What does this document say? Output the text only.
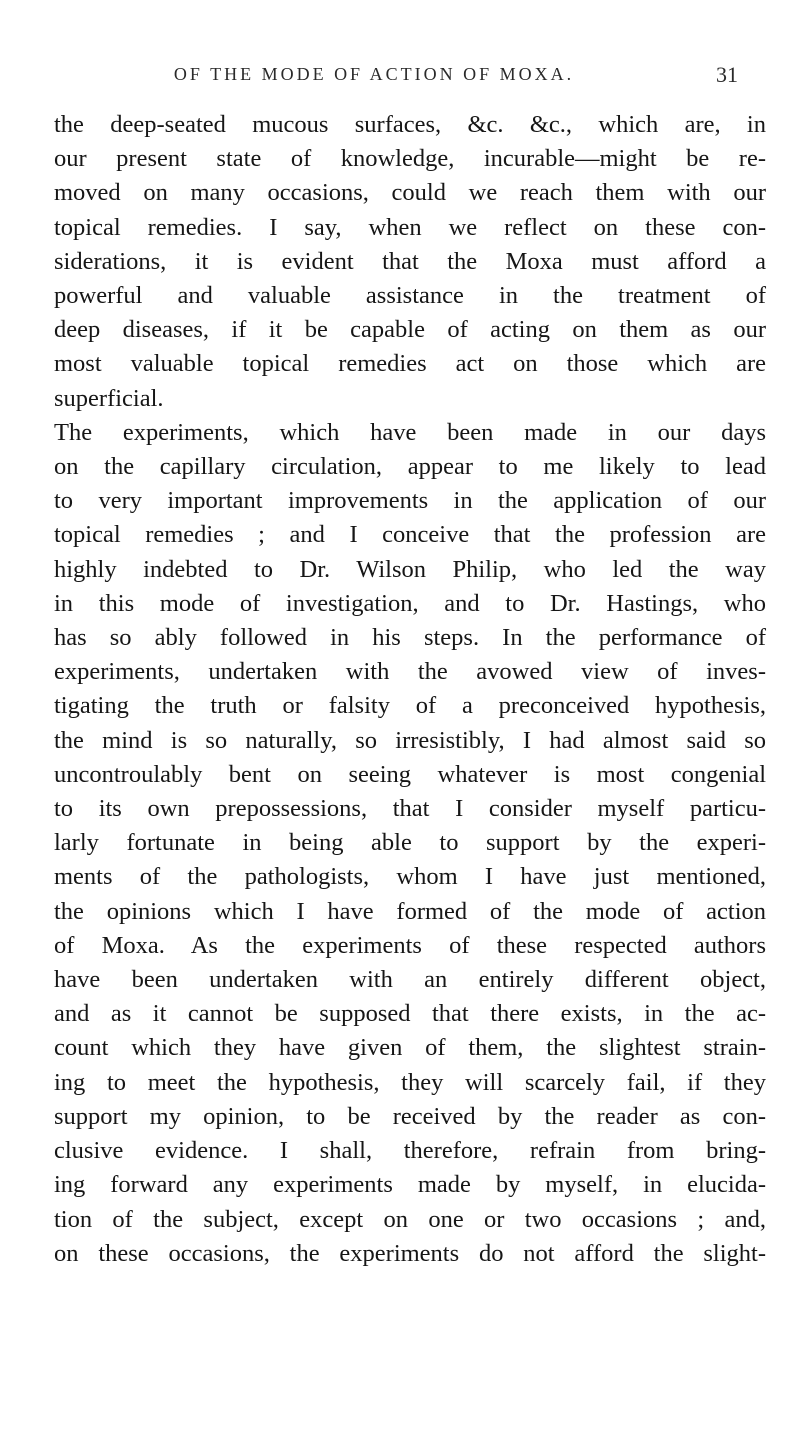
OF THE MODE OF ACTION OF MOXA.	31
the deep-seated mucous surfaces, &c. &c., which are, in
our present state of knowledge, incurable—might be re-
moved on many occasions, could we reach them with our
topical remedies. I say, when we reflect on these con-
siderations, it is evident that the Moxa must afford a
powerful and valuable assistance in the treatment of
deep diseases, if it be capable of acting on them as our
most valuable topical remedies act on those which are
superficial.
The experiments, which have been made in our days
on the capillary circulation, appear to me likely to lead
to very important improvements in the application of our
topical remedies ; and I conceive that the profession are
highly indebted to Dr. Wilson Philip, who led the way
in this mode of investigation, and to Dr. Hastings, who
has so ably followed in his steps. In the performance of
experiments, undertaken with the avowed view of inves-
tigating the truth or falsity of a preconceived hypothesis,
the mind is so naturally, so irresistibly, I had almost said so
uncontroulably bent on seeing whatever is most congenial
to its own prepossessions, that I consider myself particu-
larly fortunate in being able to support by the experi-
ments of the pathologists, whom I have just mentioned,
the opinions which I have formed of the mode of action
of Moxa. As the experiments of these respected authors
have been undertaken with an entirely different object,
and as it cannot be supposed that there exists, in the ac-
count which they have given of them, the slightest strain-
ing to meet the hypothesis, they will scarcely fail, if they
support my opinion, to be received by the reader as con-
clusive evidence. I shall, therefore, refrain from bring-
ing forward any experiments made by myself, in elucida-
tion of the subject, except on one or two occasions ; and,
on these occasions, the experiments do not afford the slight-
